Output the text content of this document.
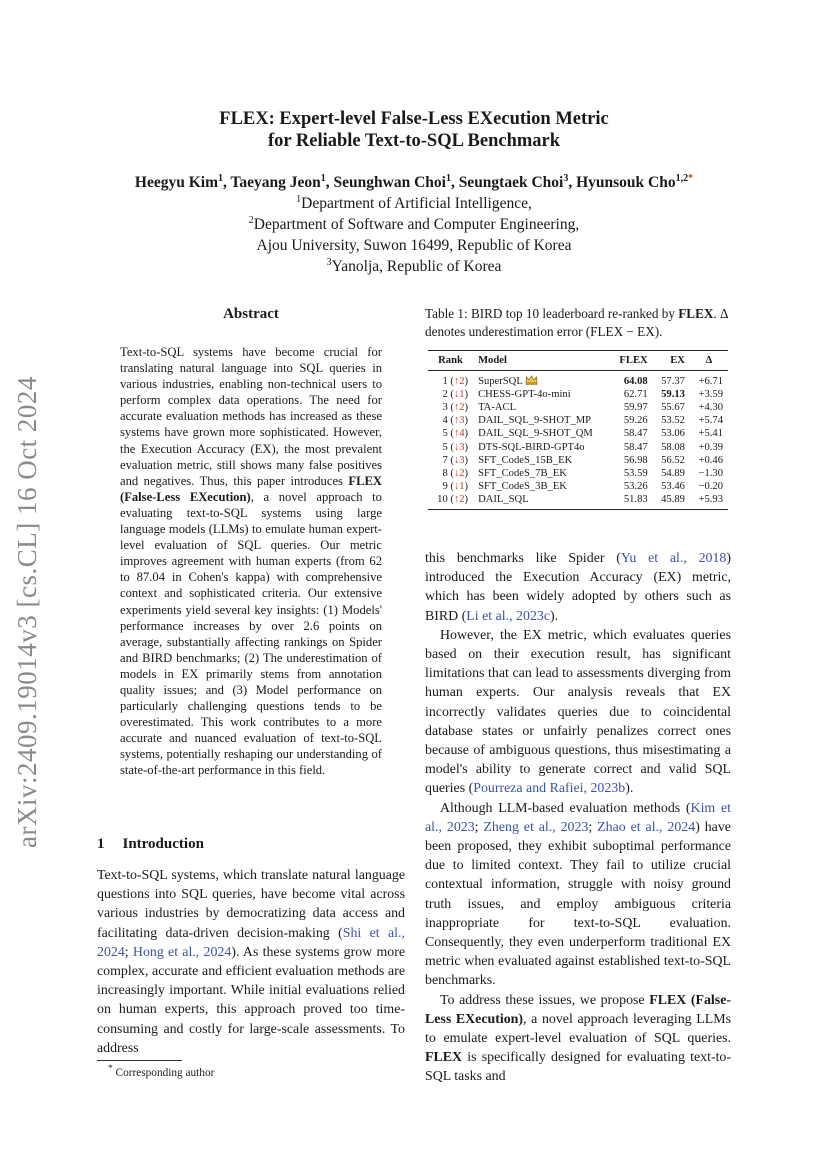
arXiv:2409.19014v3 [cs.CL] 16 Oct 2024
FLEX: Expert-level False-Less EXecution Metric
for Reliable Text-to-SQL Benchmark
Heegyu Kim$^1$, Taeyang Jeon$^1$, Seunghwan Choi$^1$, Seungtaek Choi$^3$, Hyunsouk Cho$^{1,2*}$
$^1$Department of Artificial Intelligence,
$^2$Department of Software and Computer Engineering,
Ajou University, Suwon 16499, Republic of Korea
$^3$Yanolja, Republic of Korea
Abstract
Text-to-SQL systems have become crucial for translating natural language into SQL queries in various industries, enabling non-technical users to perform complex data operations. The need for accurate evaluation methods has increased as these systems have grown more sophisticated. However, the Execution Accuracy (EX), the most prevalent evaluation metric, still shows many false positives and negatives. Thus, this paper introduces FLEX (False-Less EXecution), a novel approach to evaluating text-to-SQL systems using large language models (LLMs) to emulate human expert-level evaluation of SQL queries. Our metric improves agreement with human experts (from 62 to 87.04 in Cohen's kappa) with comprehensive context and sophisticated criteria. Our extensive experiments yield several key insights: (1) Models' performance increases by over 2.6 points on average, substantially affecting rankings on Spider and BIRD benchmarks; (2) The underestimation of models in EX primarily stems from annotation quality issues; and (3) Model performance on particularly challenging questions tends to be overestimated. This work contributes to a more accurate and nuanced evaluation of text-to-SQL systems, potentially reshaping our understanding of state-of-the-art performance in this field.
1 Introduction

Text-to-SQL systems, which translate natural language questions into SQL queries, have become vital across various industries by democratizing data access and facilitating data-driven decision-making (Shi et al., 2024; Hong et al., 2024). As these systems grow more complex, accurate and efficient evaluation methods are increasingly important. While initial evaluations relied on human experts, this approach proved too time-consuming and costly for large-scale assessments. To address

* Corresponding author
Table 1: BIRD top 10 leaderboard re-ranked by FLEX. Δ denotes underestimation error (FLEX − EX).
Rank	Model	FLEX	EX	Δ
1 (↑2)	SuperSQL	64.08	57.37	+6.71
2 (↓1)	CHESS-GPT-4o-mini	62.71	59.13	+3.59
3 (↑2)	TA-ACL	59.97	55.67	+4.30
4 (↑3)	DAIL_SQL_9-SHOT_MP	59.26	53.52	+5.74
5 (↑4)	DAIL_SQL_9-SHOT_QM	58.47	53.06	+5.41
5 (↓3)	DTS-SQL-BIRD-GPT4o	58.47	58.08	+0.39
7 (↓3)	SFT_CodeS_15B_EK	56.98	56.52	+0.46
8 (↓2)	SFT_CodeS_7B_EK	53.59	54.89	−1.30
9 (↓1)	SFT_CodeS_3B_EK	53.26	53.46	−0.20
10 (↑2)	DAIL_SQL	51.83	45.89	+5.93

this benchmarks like Spider (Yu et al., 2018) introduced the Execution Accuracy (EX) metric, which has been widely adopted by others such as BIRD (Li et al., 2023c).

However, the EX metric, which evaluates queries based on their execution result, has significant limitations that can lead to assessments diverging from human experts. Our analysis reveals that EX incorrectly validates queries due to coincidental database states or unfairly penalizes correct ones because of ambiguous questions, thus misestimating a model's ability to generate correct and valid SQL queries (Pourreza and Rafiei, 2023b).

Although LLM-based evaluation methods (Kim et al., 2023; Zheng et al., 2023; Zhao et al., 2024) have been proposed, they exhibit suboptimal performance due to limited context. They fail to utilize crucial contextual information, struggle with noisy ground truth issues, and employ ambiguous criteria inappropriate for text-to-SQL evaluation. Consequently, they even underperform traditional EX metric when evaluated against established text-to-SQL benchmarks.

To address these issues, we propose FLEX (False-Less EXecution), a novel approach leveraging LLMs to emulate expert-level evaluation of SQL queries. FLEX is specifically designed for evaluating text-to-SQL tasks and
